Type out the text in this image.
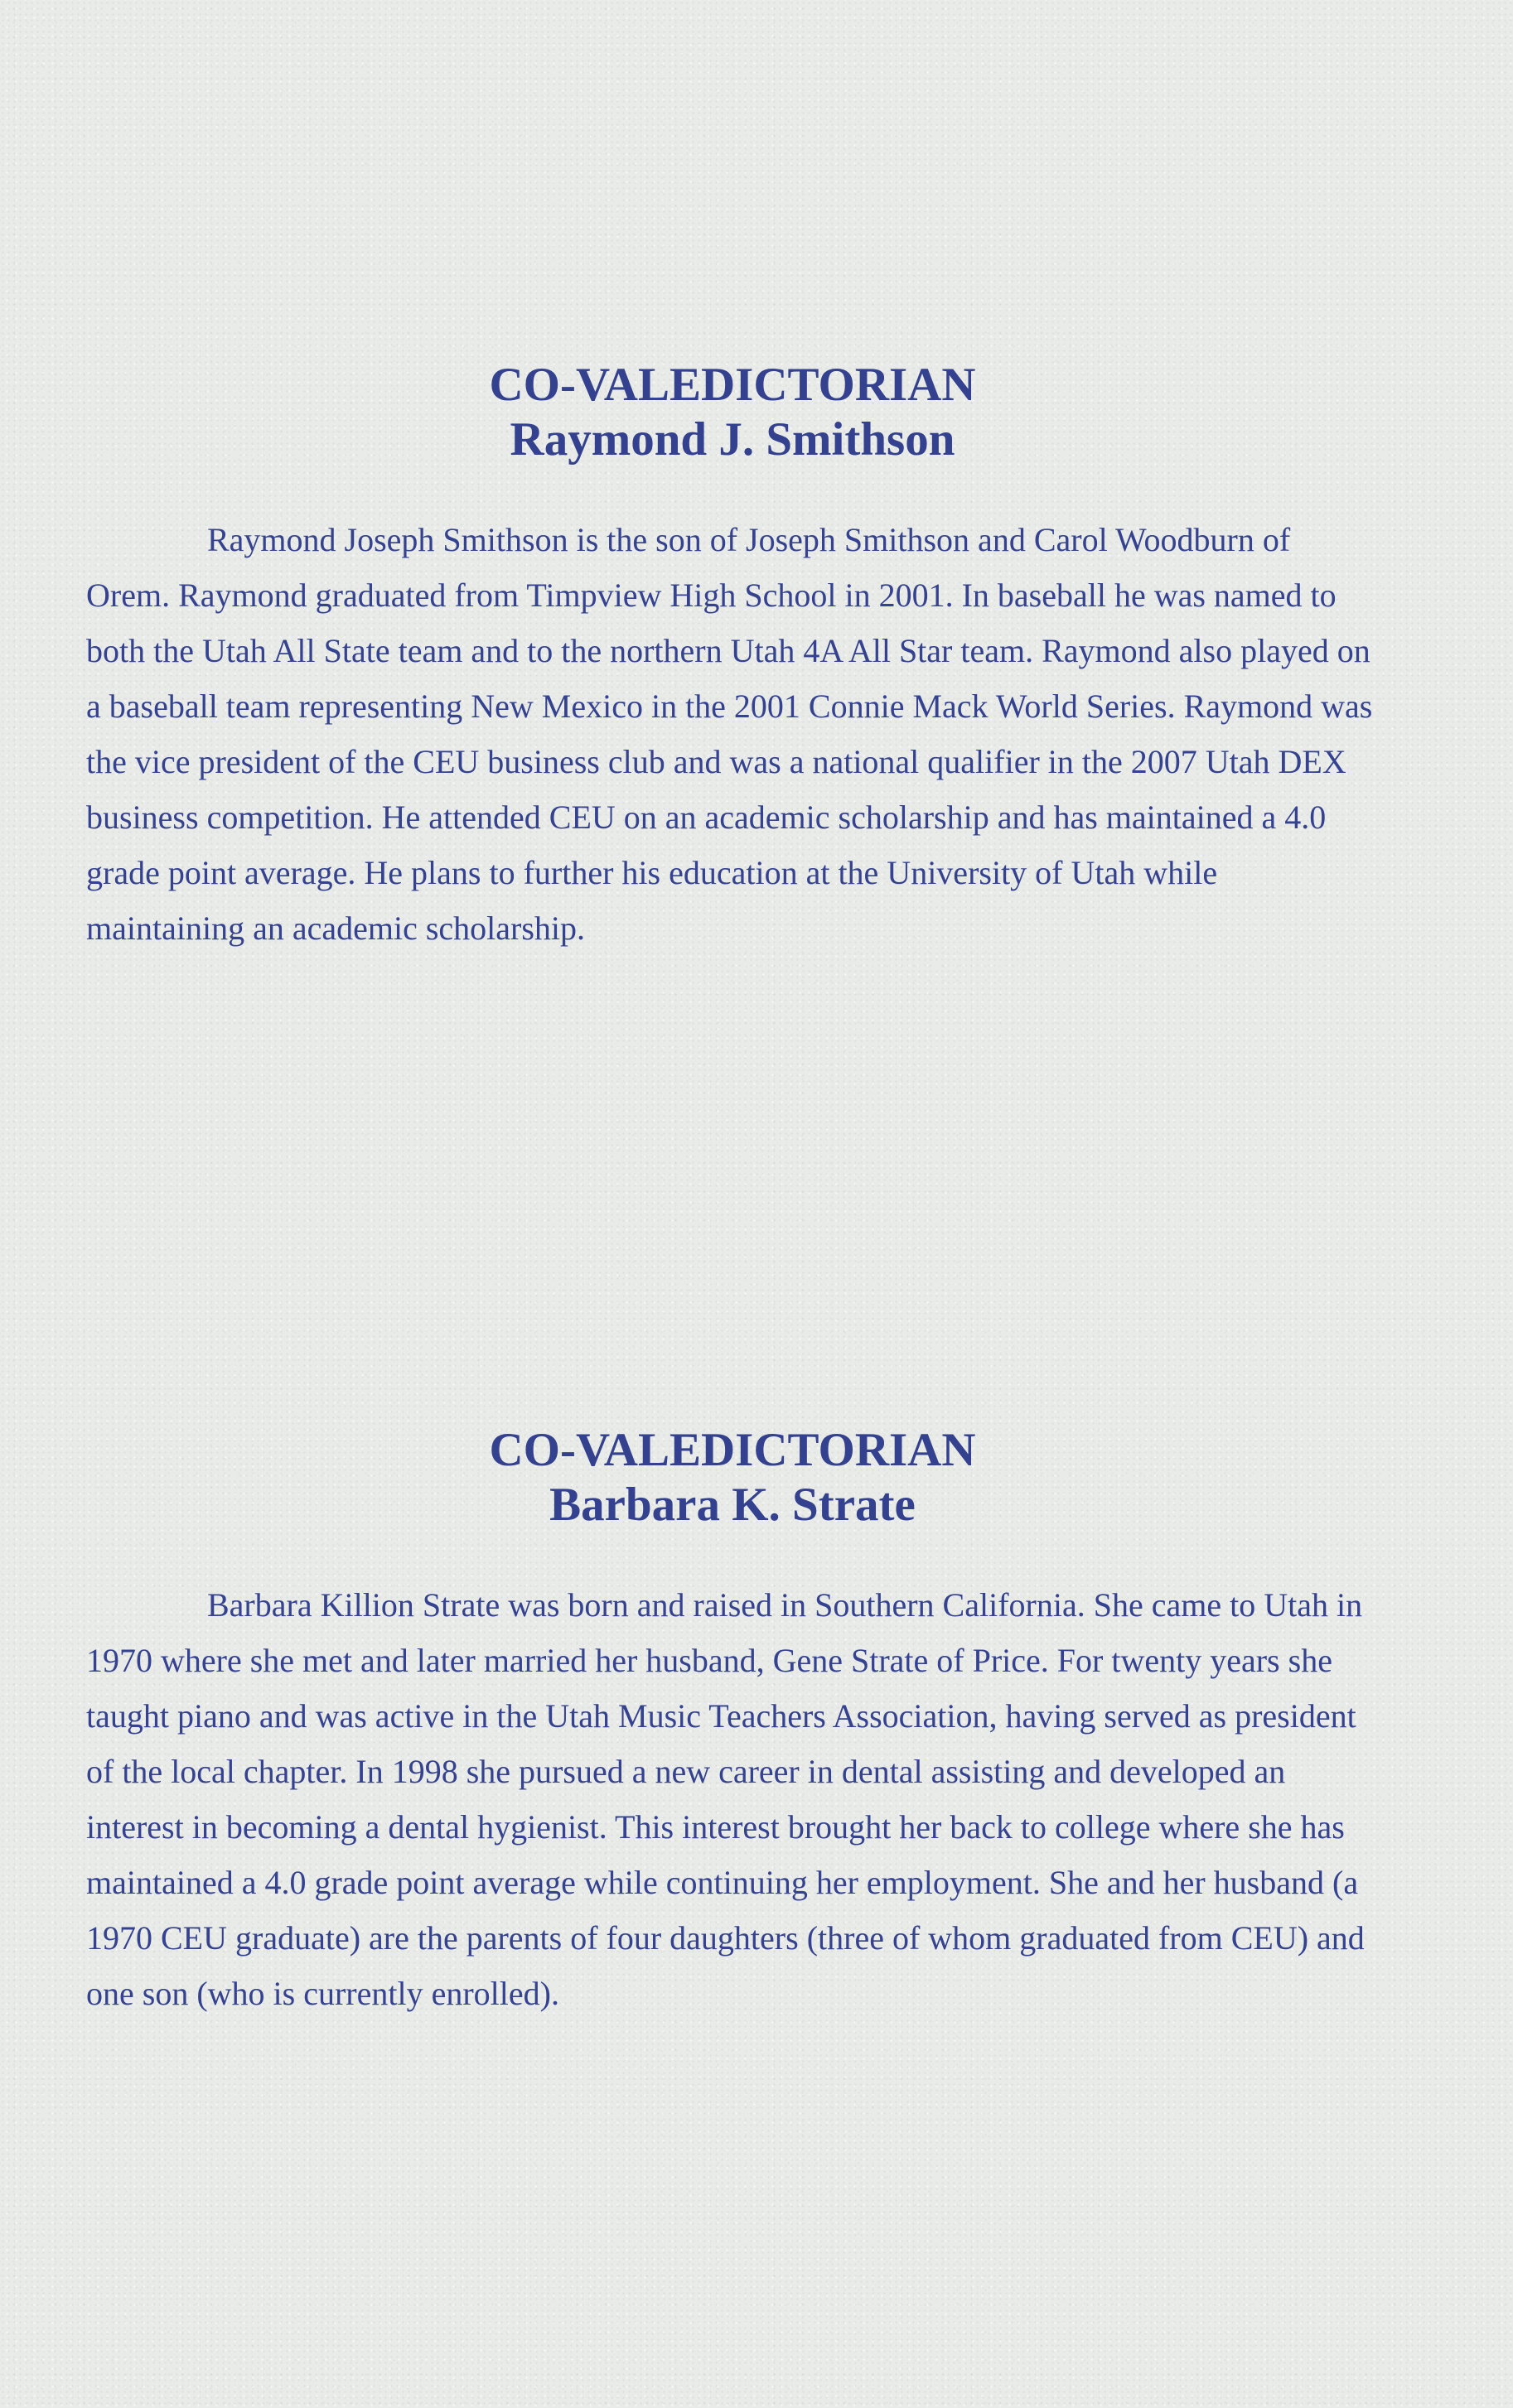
CO-VALEDICTORIAN
Raymond J. Smithson

Raymond Joseph Smithson is the son of Joseph Smithson and Carol Woodburn of Orem. Raymond graduated from Timpview High School in 2001. In baseball he was named to both the Utah All State team and to the northern Utah 4A All Star team. Raymond also played on a baseball team representing New Mexico in the 2001 Connie Mack World Series. Raymond was the vice president of the CEU business club and was a national qualifier in the 2007 Utah DEX business competition. He attended CEU on an academic scholarship and has maintained a 4.0 grade point average. He plans to further his education at the University of Utah while maintaining an academic scholarship.

CO-VALEDICTORIAN
Barbara K. Strate

Barbara Killion Strate was born and raised in Southern California. She came to Utah in 1970 where she met and later married her husband, Gene Strate of Price. For twenty years she taught piano and was active in the Utah Music Teachers Association, having served as president of the local chapter. In 1998 she pursued a new career in dental assisting and developed an interest in becoming a dental hygienist. This interest brought her back to college where she has maintained a 4.0 grade point average while continuing her employment. She and her husband (a 1970 CEU graduate) are the parents of four daughters (three of whom graduated from CEU) and one son (who is currently enrolled).
